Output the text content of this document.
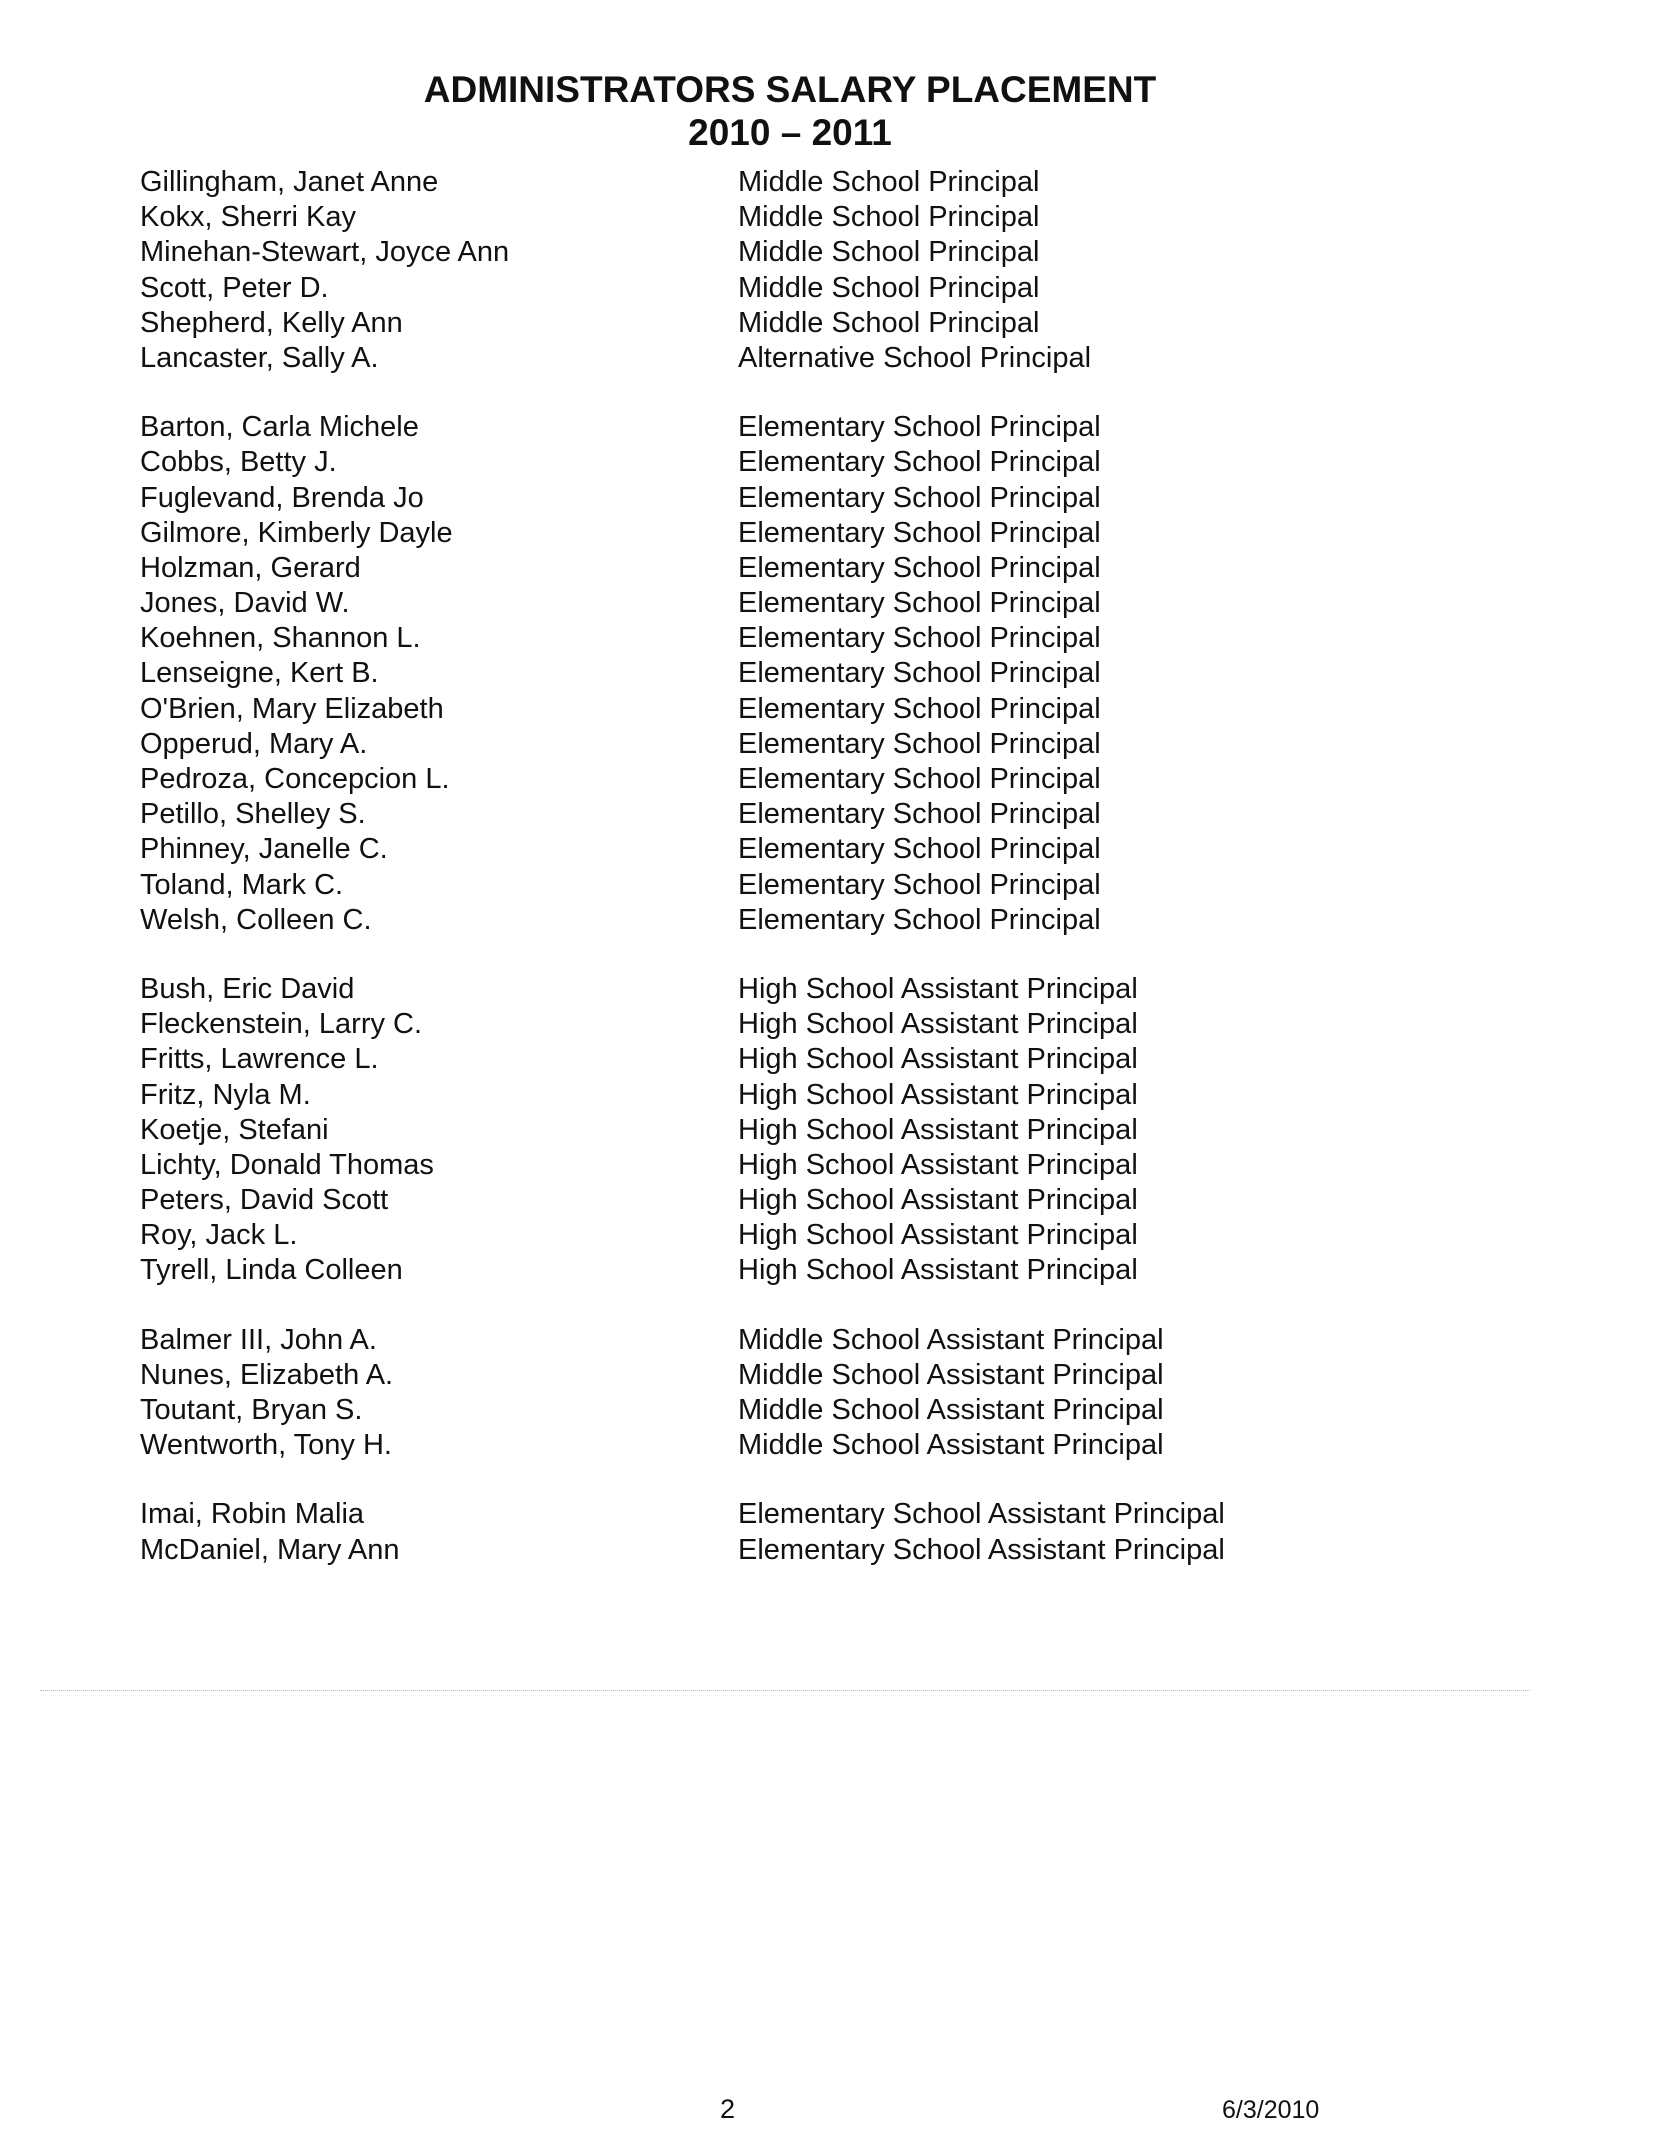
ADMINISTRATORS SALARY PLACEMENT
2010 – 2011
Gillingham, Janet Anne	Middle School Principal
Kokx, Sherri Kay	Middle School Principal
Minehan-Stewart, Joyce Ann	Middle School Principal
Scott, Peter D.	Middle School Principal
Shepherd, Kelly Ann	Middle School Principal
Lancaster, Sally A.	Alternative School Principal
Barton, Carla Michele	Elementary School Principal
Cobbs, Betty J.	Elementary School Principal
Fuglevand, Brenda Jo	Elementary School Principal
Gilmore, Kimberly Dayle	Elementary School Principal
Holzman, Gerard	Elementary School Principal
Jones, David W.	Elementary School Principal
Koehnen, Shannon L.	Elementary School Principal
Lenseigne, Kert B.	Elementary School Principal
O'Brien, Mary Elizabeth	Elementary School Principal
Opperud, Mary A.	Elementary School Principal
Pedroza, Concepcion L.	Elementary School Principal
Petillo, Shelley S.	Elementary School Principal
Phinney, Janelle C.	Elementary School Principal
Toland, Mark C.	Elementary School Principal
Welsh, Colleen C.	Elementary School Principal
Bush, Eric David	High School Assistant Principal
Fleckenstein, Larry C.	High School Assistant Principal
Fritts, Lawrence L.	High School Assistant Principal
Fritz, Nyla M.	High School Assistant Principal
Koetje, Stefani	High School Assistant Principal
Lichty, Donald Thomas	High School Assistant Principal
Peters, David Scott	High School Assistant Principal
Roy, Jack L.	High School Assistant Principal
Tyrell, Linda Colleen	High School Assistant Principal
Balmer III, John A.	Middle School Assistant Principal
Nunes, Elizabeth A.	Middle School Assistant Principal
Toutant, Bryan S.	Middle School Assistant Principal
Wentworth, Tony H.	Middle School Assistant Principal
Imai, Robin Malia	Elementary School Assistant Principal
McDaniel, Mary Ann	Elementary School Assistant Principal
2	6/3/2010
